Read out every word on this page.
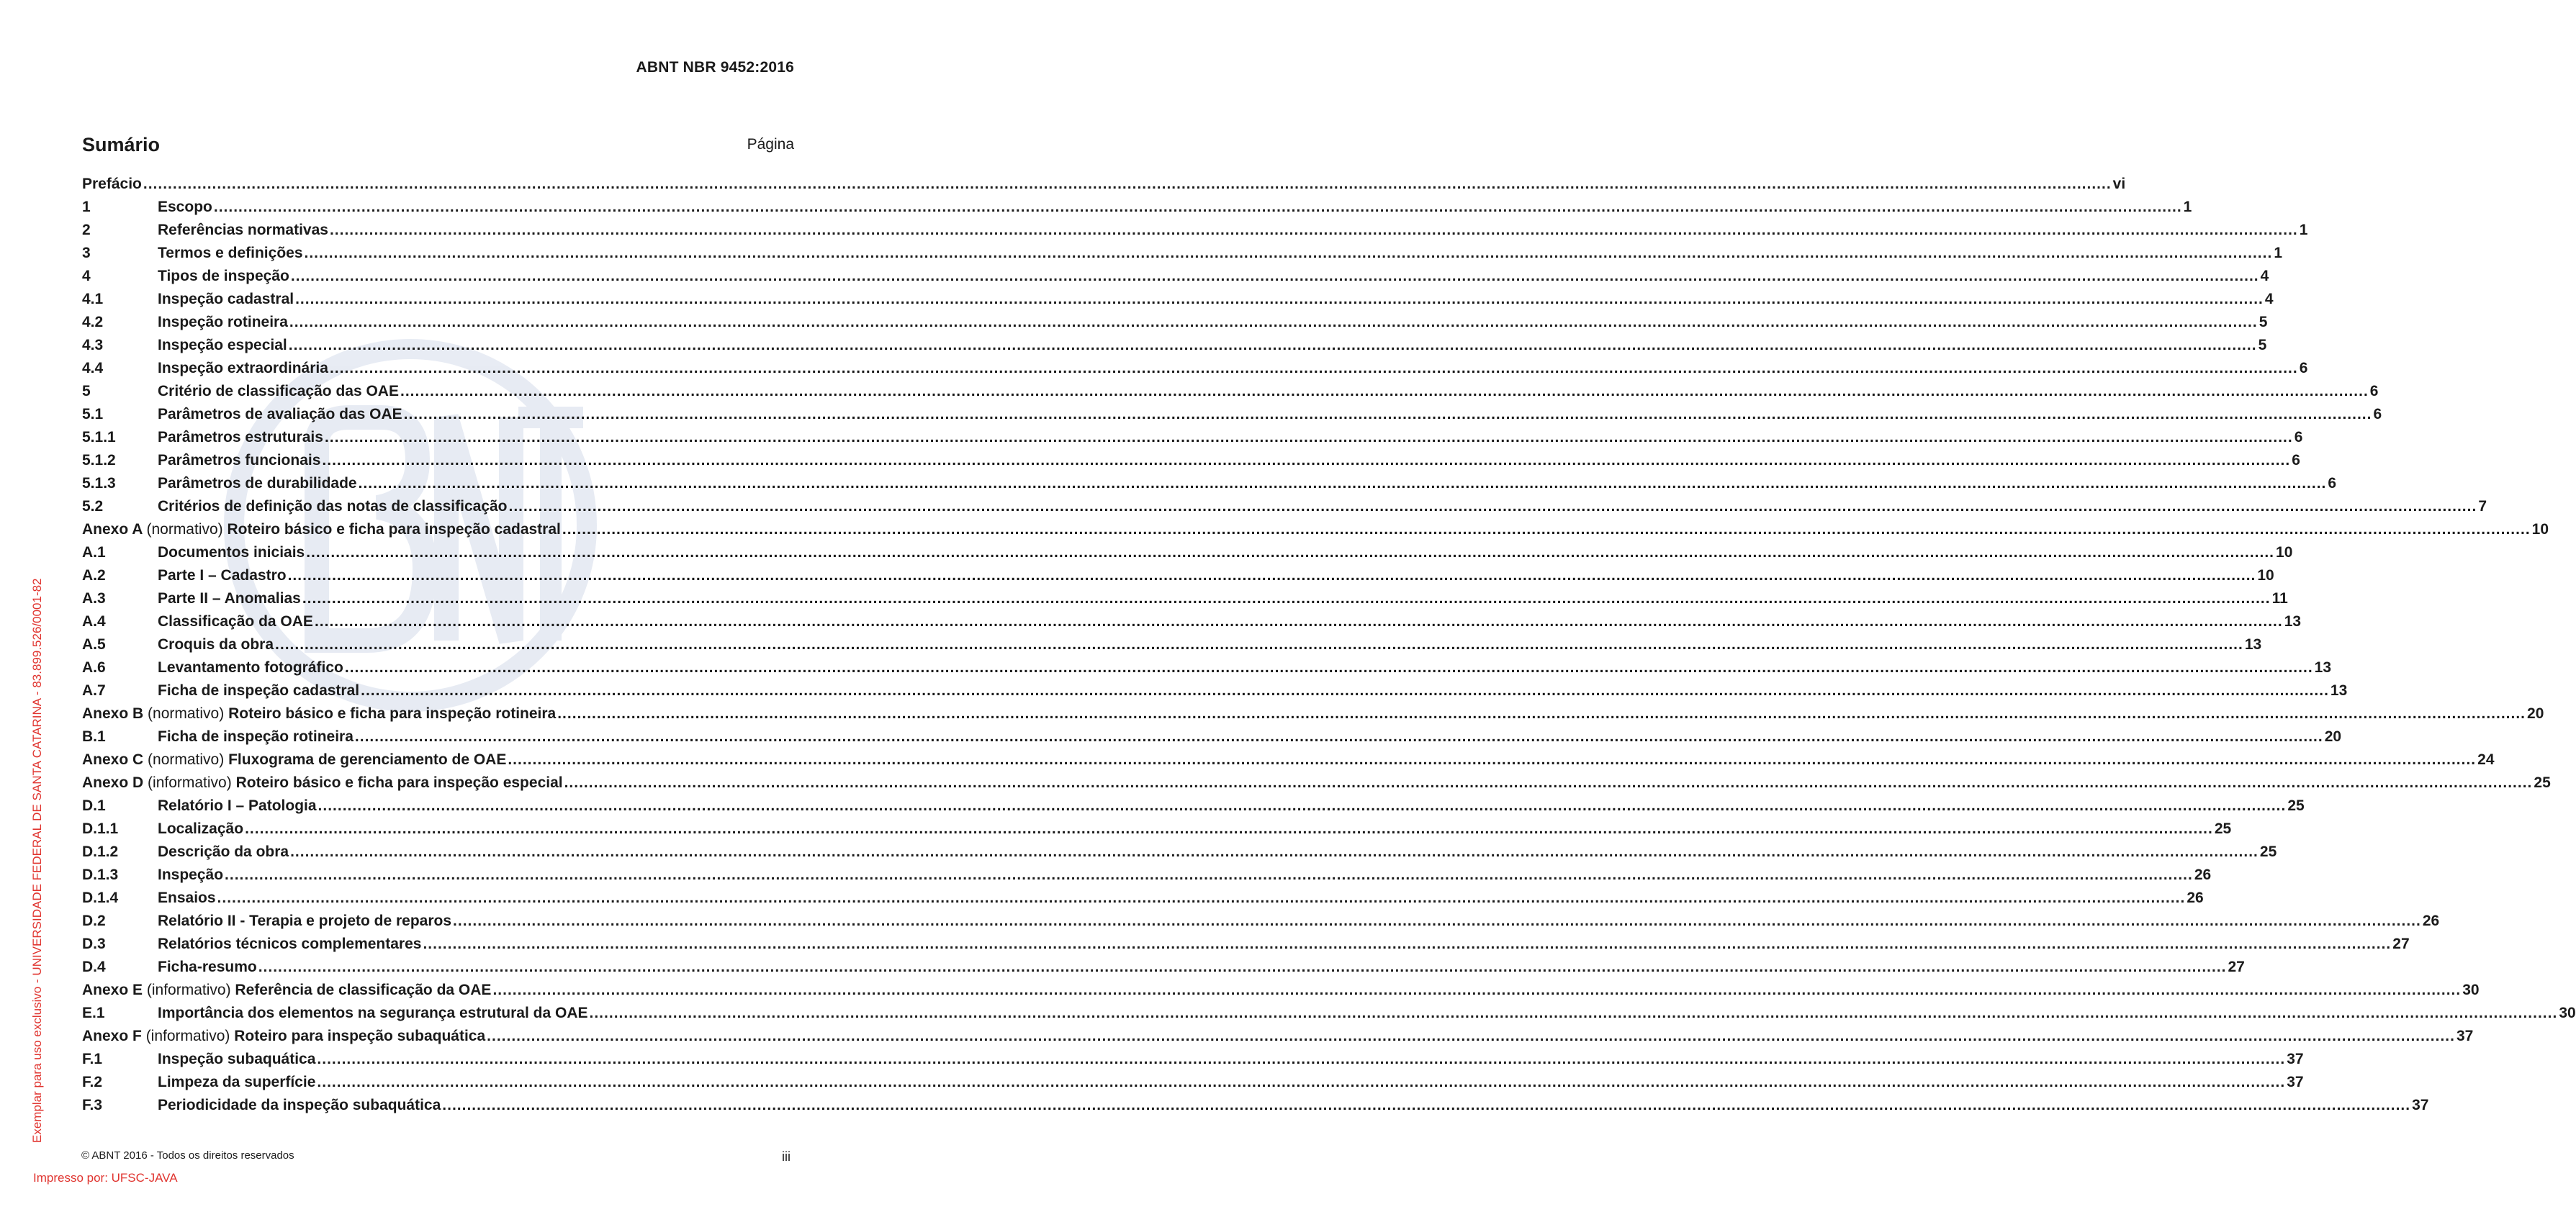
ABNT NBR 9452:2016
Sumário	Página
Prefácio ................................................................................................................................................................................................................................................................................................................................................................................................................ vi
1	Escopo ................................................................................................................................................................................................................................................................................................................................................................................................................ 1
2	Referências normativas ................................................................................................................................................................................................................................................................................................................................................................................................................ 1
3	Termos e definições ................................................................................................................................................................................................................................................................................................................................................................................................................ 1
4	Tipos de inspeção ................................................................................................................................................................................................................................................................................................................................................................................................................ 4
4.1	Inspeção cadastral ................................................................................................................................................................................................................................................................................................................................................................................................................ 4
4.2	Inspeção rotineira ................................................................................................................................................................................................................................................................................................................................................................................................................ 5
4.3	Inspeção especial ................................................................................................................................................................................................................................................................................................................................................................................................................ 5
4.4	Inspeção extraordinária ................................................................................................................................................................................................................................................................................................................................................................................................................ 6
5	Critério de classificação das OAE ................................................................................................................................................................................................................................................................................................................................................................................................................ 6
5.1	Parâmetros de avaliação das OAE ................................................................................................................................................................................................................................................................................................................................................................................................................ 6
5.1.1	Parâmetros estruturais ................................................................................................................................................................................................................................................................................................................................................................................................................ 6
5.1.2	Parâmetros funcionais ................................................................................................................................................................................................................................................................................................................................................................................................................ 6
5.1.3	Parâmetros de durabilidade ................................................................................................................................................................................................................................................................................................................................................................................................................ 6
5.2	Critérios de definição das notas de classificação ................................................................................................................................................................................................................................................................................................................................................................................................................ 7
Anexo A (normativo) Roteiro básico e ficha para inspeção cadastral ................................................................................................................................................................................................................................................................................................................................................................................................................ 10
A.1	Documentos iniciais ................................................................................................................................................................................................................................................................................................................................................................................................................ 10
A.2	Parte I – Cadastro ................................................................................................................................................................................................................................................................................................................................................................................................................ 10
A.3	Parte II – Anomalias ................................................................................................................................................................................................................................................................................................................................................................................................................ 11
A.4	Classificação da OAE ................................................................................................................................................................................................................................................................................................................................................................................................................ 13
A.5	Croquis da obra ................................................................................................................................................................................................................................................................................................................................................................................................................ 13
A.6	Levantamento fotográfico ................................................................................................................................................................................................................................................................................................................................................................................................................ 13
A.7	Ficha de inspeção cadastral ................................................................................................................................................................................................................................................................................................................................................................................................................ 13
Anexo B (normativo) Roteiro básico e ficha para inspeção rotineira ................................................................................................................................................................................................................................................................................................................................................................................................................ 20
B.1	Ficha de inspeção rotineira ................................................................................................................................................................................................................................................................................................................................................................................................................ 20
Anexo C (normativo) Fluxograma de gerenciamento de OAE ................................................................................................................................................................................................................................................................................................................................................................................................................ 24
Anexo D (informativo) Roteiro básico e ficha para inspeção especial ................................................................................................................................................................................................................................................................................................................................................................................................................ 25
D.1	Relatório I – Patologia ................................................................................................................................................................................................................................................................................................................................................................................................................ 25
D.1.1	Localização ................................................................................................................................................................................................................................................................................................................................................................................................................ 25
D.1.2	Descrição da obra ................................................................................................................................................................................................................................................................................................................................................................................................................ 25
D.1.3	Inspeção ................................................................................................................................................................................................................................................................................................................................................................................................................ 26
D.1.4	Ensaios ................................................................................................................................................................................................................................................................................................................................................................................................................ 26
D.2	Relatório II - Terapia e projeto de reparos ................................................................................................................................................................................................................................................................................................................................................................................................................ 26
D.3	Relatórios técnicos complementares ................................................................................................................................................................................................................................................................................................................................................................................................................ 27
D.4	Ficha-resumo ................................................................................................................................................................................................................................................................................................................................................................................................................ 27
Anexo E (informativo) Referência de classificação da OAE ................................................................................................................................................................................................................................................................................................................................................................................................................ 30
E.1	Importância dos elementos na segurança estrutural da OAE ................................................................................................................................................................................................................................................................................................................................................................................................................ 30
Anexo F (informativo) Roteiro para inspeção subaquática ................................................................................................................................................................................................................................................................................................................................................................................................................ 37
F.1	Inspeção subaquática ................................................................................................................................................................................................................................................................................................................................................................................................................ 37
F.2	Limpeza da superfície ................................................................................................................................................................................................................................................................................................................................................................................................................ 37
F.3	Periodicidade da inspeção subaquática ................................................................................................................................................................................................................................................................................................................................................................................................................ 37
Exemplar para uso exclusivo - UNIVERSIDADE FEDERAL DE SANTA CATARINA - 83.899.526/0001-82
© ABNT 2016 - Todos os direitos reservados	iii
Impresso por: UFSC-JAVA
